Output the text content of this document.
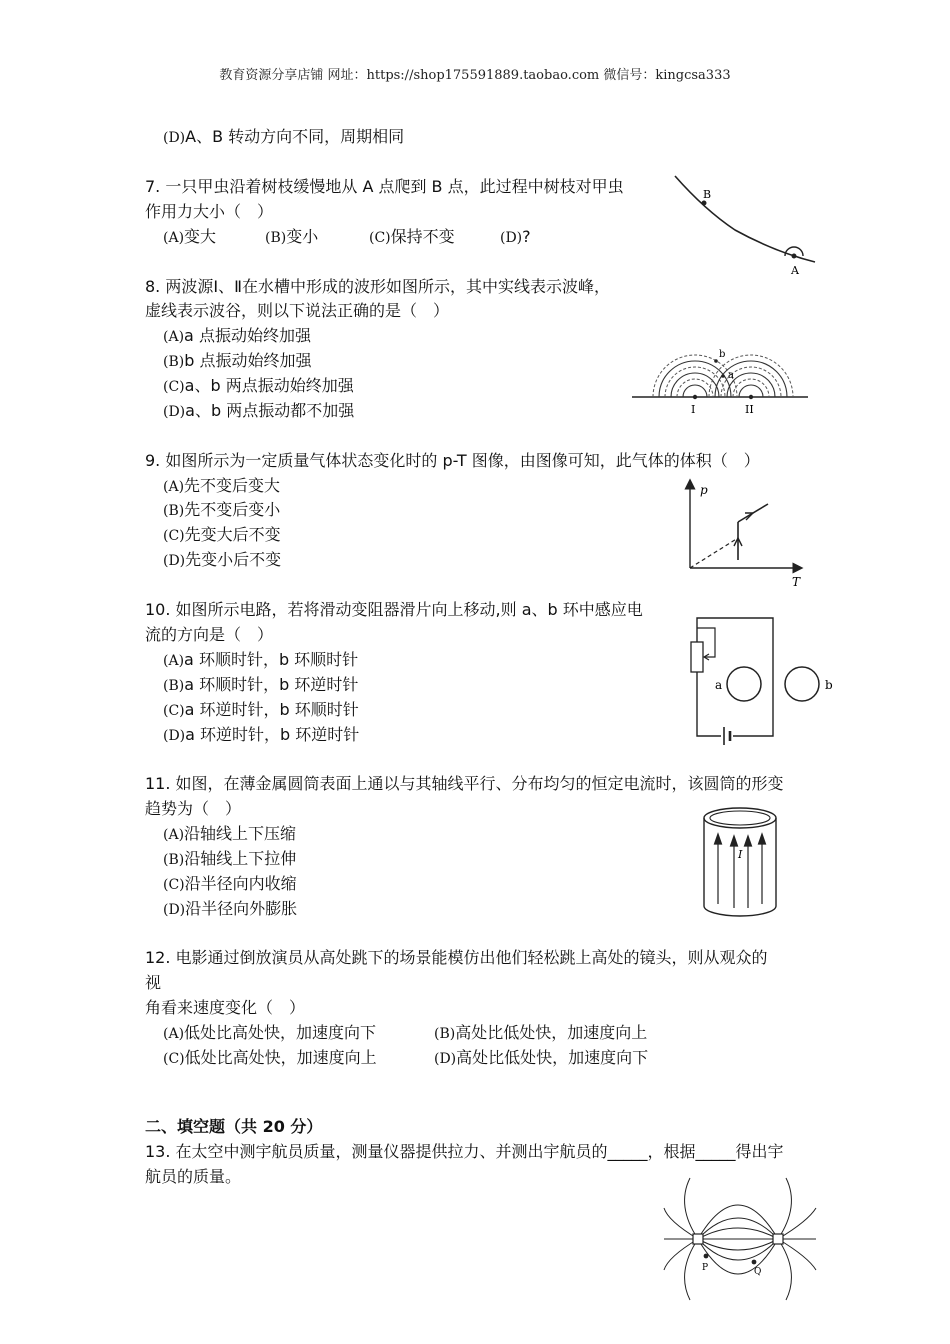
教育资源分享店铺 网址：https://shop175591889.taobao.com 微信号：kingcsa333
(D)A、B 转动方向不同，周期相同
7. 一只甲虫沿着树枝缓慢地从 A 点爬到 B 点，此过程中树枝对甲虫
作用力大小（　）
(A)变大	(B)变小	(C)保持不变	(D)?
B
A
8. 两波源Ⅰ、Ⅱ在水槽中形成的波形如图所示，其中实线表示波峰，
虚线表示波谷，则以下说法正确的是（　）
(A)a 点振动始终加强
(B)b 点振动始终加强
(C)a、b 两点振动始终加强
(D)a、b 两点振动都不加强
a
b
I	II
9. 如图所示为一定质量气体状态变化时的 p-T 图像，由图像可知，此气体的体积（　）
(A)先不变后变大
(B)先不变后变小
(C)先变大后不变
(D)先变小后不变
p
T
10. 如图所示电路，若将滑动变阻器滑片向上移动,则 a、b 环中感应电
流的方向是（　）
(A)a 环顺时针，b 环顺时针
(B)a 环顺时针，b 环逆时针
(C)a 环逆时针，b 环顺时针
(D)a 环逆时针，b 环逆时针
a	b
11. 如图，在薄金属圆筒表面上通以与其轴线平行、分布均匀的恒定电流时，该圆筒的形变
趋势为（　）
(A)沿轴线上下压缩
(B)沿轴线上下拉伸
(C)沿半径向内收缩
(D)沿半径向外膨胀
I
12. 电影通过倒放演员从高处跳下的场景能模仿出他们轻松跳上高处的镜头，则从观众的
视
角看来速度变化（　）
(A)低处比高处快，加速度向下	(B)高处比低处快，加速度向上
(C)低处比高处快，加速度向上	(D)高处比低处快，加速度向下
二、填空题（共 20 分）
13. 在太空中测宇航员质量，测量仪器提供拉力、并测出宇航员的_____，根据_____得出宇
航员的质量。
P	Q
